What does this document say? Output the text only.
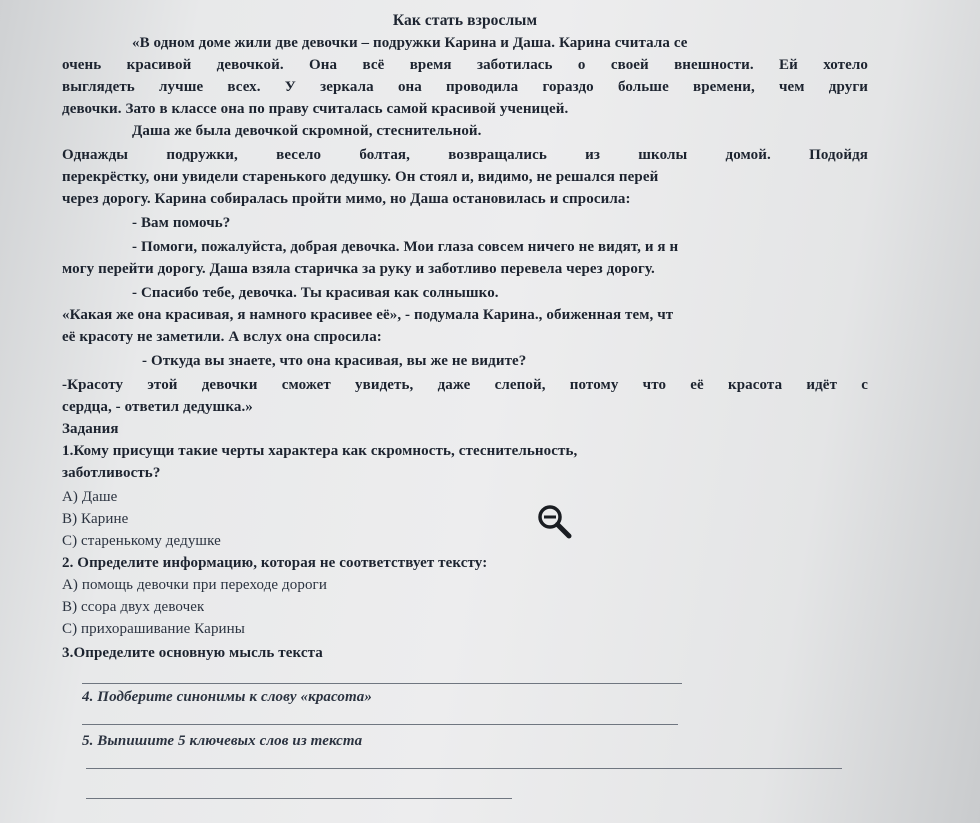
Как стать взрослым
«В одном доме жили две девочки – подружки Карина и Даша. Карина считала се
очень красивой девочкой. Она всё время заботилась о своей внешности. Ей хотело
выглядеть лучше всех. У зеркала она проводила гораздо больше времени, чем други
девочки. Зато в классе она по праву считалась самой красивой ученицей.
Даша же была девочкой скромной, стеснительной.
Однажды подружки, весело болтая, возвращались из школы домой. Подойдя
перекрёстку, они увидели старенького дедушку. Он стоял и, видимо, не решался перей
через дорогу. Карина собиралась пройти мимо, но Даша остановилась и спросила:
- Вам помочь?
- Помоги, пожалуйста, добрая девочка. Мои глаза совсем ничего не видят, и я н
могу перейти дорогу. Даша взяла старичка за руку и заботливо перевела через дорогу.
- Спасибо тебе, девочка. Ты красивая как солнышко.
«Какая же она красивая, я намного красивее её», - подумала Карина., обиженная тем, чт
её красоту не заметили. А вслух она спросила:
- Откуда вы знаете, что она красивая, вы же не видите?
-Красоту этой девочки сможет увидеть, даже слепой, потому что её красота идёт с
сердца, - ответил дедушка.»
Задания
1.Кому присущи такие черты характера как скромность, стеснительность,
заботливость?
А) Даше
В) Карине
С) старенькому дедушке
2. Определите информацию, которая не соответствует тексту:
А) помощь девочки при переходе дороги
В) ссора двух девочек
С) прихорашивание Карины
3.Определите основную мысль текста
4. Подберите синонимы к слову «красота»
5. Выпишите 5 ключевых слов из текста
